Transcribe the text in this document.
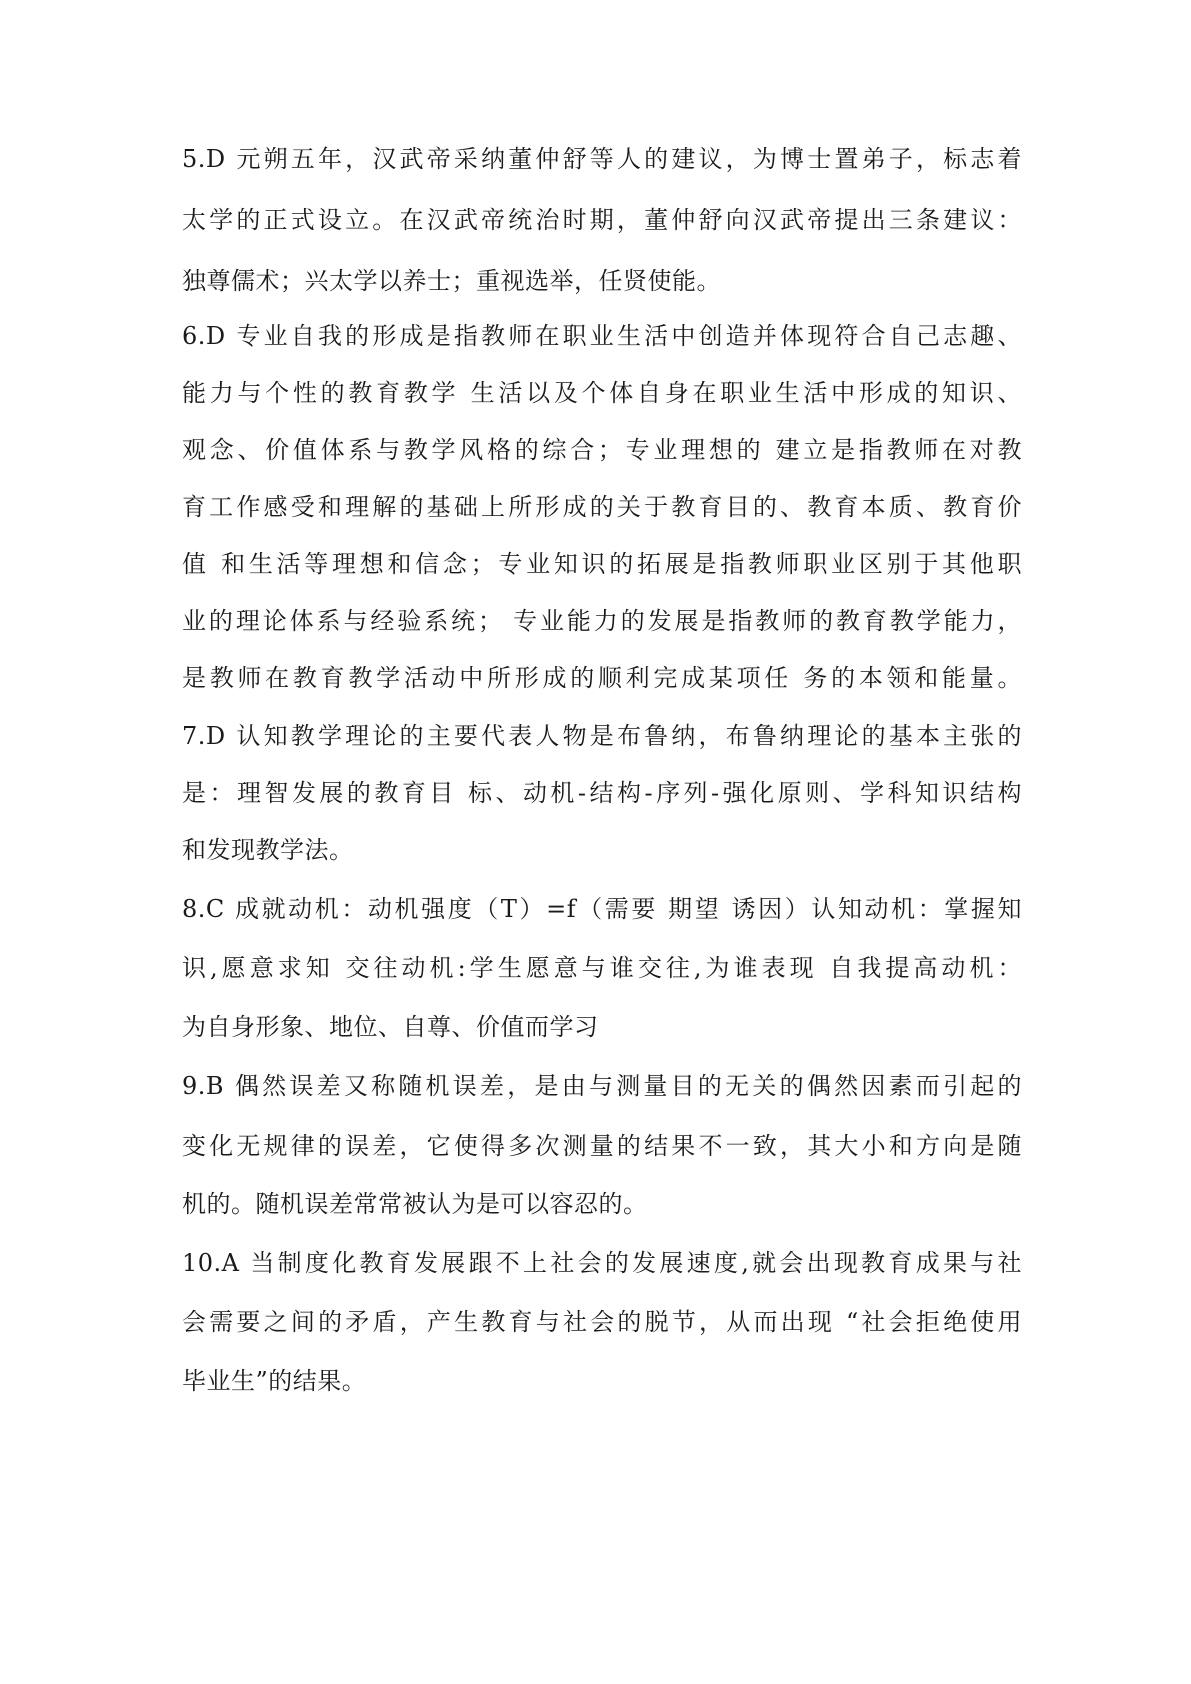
5.D 元朔五年，汉武帝采纳董仲舒等人的建议，为博士置弟子，标志着
太学的正式设立。在汉武帝统治时期，董仲舒向汉武帝提出三条建议：
独尊儒术；兴太学以养士；重视选举，任贤使能。
6.D 专业自我的形成是指教师在职业生活中创造并体现符合自己志趣、
能力与个性的教育教学 生活以及个体自身在职业生活中形成的知识、
观念、价值体系与教学风格的综合；专业理想的 建立是指教师在对教
育工作感受和理解的基础上所形成的关于教育目的、教育本质、教育价
值 和生活等理想和信念；专业知识的拓展是指教师职业区别于其他职
业的理论体系与经验系统； 专业能力的发展是指教师的教育教学能力，
是教师在教育教学活动中所形成的顺利完成某项任 务的本领和能量。
7.D 认知教学理论的主要代表人物是布鲁纳，布鲁纳理论的基本主张的
是：理智发展的教育目 标、动机-结构-序列-强化原则、学科知识结构
和发现教学法。
8.C 成就动机：动机强度（T）=f（需要 期望 诱因）认知动机：掌握知
识,愿意求知 交往动机:学生愿意与谁交往,为谁表现 自我提高动机：
为自身形象、地位、自尊、价值而学习
9.B 偶然误差又称随机误差，是由与测量目的无关的偶然因素而引起的
变化无规律的误差，它使得多次测量的结果不一致，其大小和方向是随
机的。随机误差常常被认为是可以容忍的。
10.A 当制度化教育发展跟不上社会的发展速度,就会出现教育成果与社
会需要之间的矛盾，产生教育与社会的脱节，从而出现 “社会拒绝使用
毕业生”的结果。
